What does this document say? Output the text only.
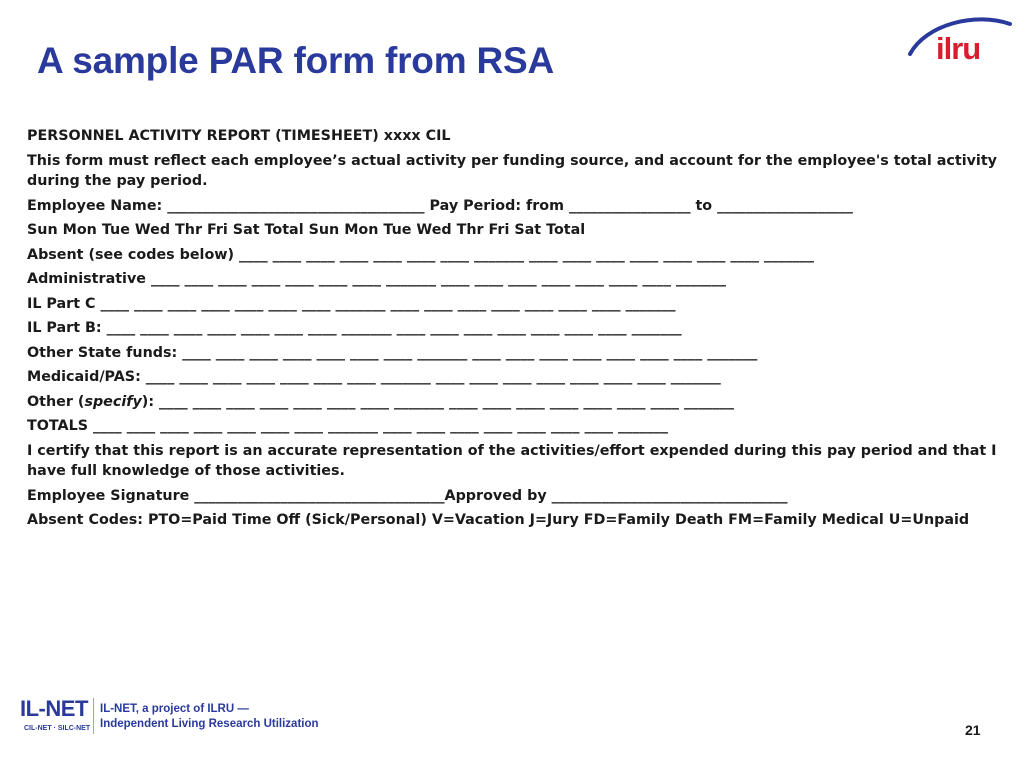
A sample PAR form from RSA	ilru

PERSONNEL ACTIVITY REPORT (TIMESHEET) xxxx CIL

This form must reflect each employee’s actual activity per funding source, and account for the employee's total activity during the pay period.

Employee Name: ____________________________________ Pay Period: from _________________ to ___________________

Sun Mon Tue Wed Thr Fri Sat Total Sun Mon Tue Wed Thr Fri Sat Total

Absent (see codes below) ____ ____ ____ ____ ____ ____ ____ _______ ____ ____ ____ ____ ____ ____ ____ _______

Administrative ____ ____ ____ ____ ____ ____ ____ _______ ____ ____ ____ ____ ____ ____ ____ _______

IL Part C ____ ____ ____ ____ ____ ____ ____ _______ ____ ____ ____ ____ ____ ____ ____ _______

IL Part B: ____ ____ ____ ____ ____ ____ ____ _______ ____ ____ ____ ____ ____ ____ ____ _______

Other State funds: ____ ____ ____ ____ ____ ____ ____ _______ ____ ____ ____ ____ ____ ____ ____ _______

Medicaid/PAS: ____ ____ ____ ____ ____ ____ ____ _______ ____ ____ ____ ____ ____ ____ ____ _______

Other (specify): ____ ____ ____ ____ ____ ____ ____ _______ ____ ____ ____ ____ ____ ____ ____ _______

TOTALS ____ ____ ____ ____ ____ ____ ____ _______ ____ ____ ____ ____ ____ ____ ____ _______

I certify that this report is an accurate representation of the activities/effort expended during this pay period and that I have full knowledge of those activities.

Employee Signature ___________________________________Approved by _________________________________

Absent Codes: PTO=Paid Time Off (Sick/Personal) V=Vacation J=Jury FD=Family Death FM=Family Medical U=Unpaid

IL-NET
CIL-NET · SILC-NET
IL-NET, a project of ILRU —
Independent Living Research Utilization	21
